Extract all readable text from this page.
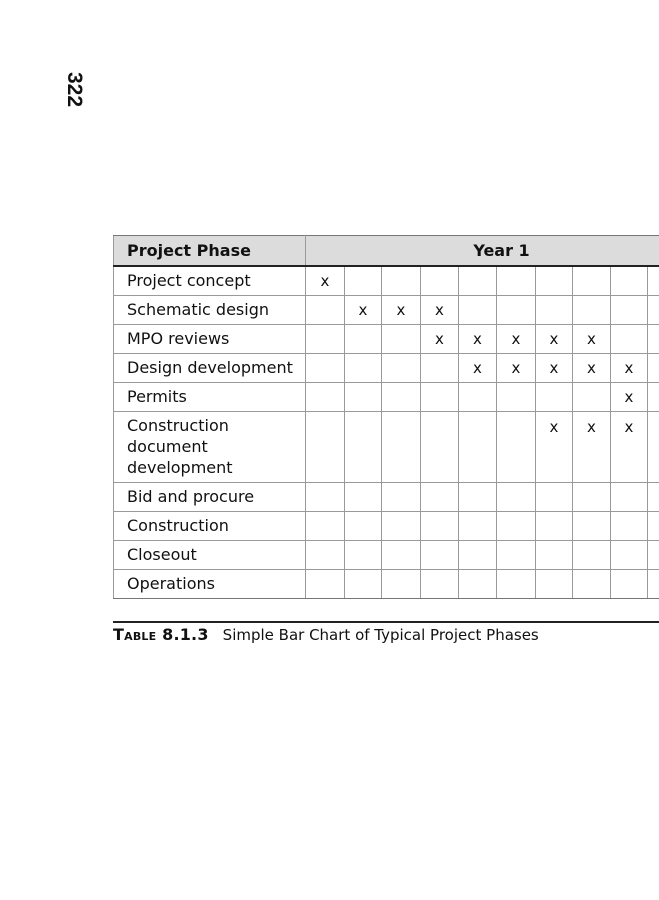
322
Project Phase	Year 1									
Project concept	x									
Schematic design		x	x	x						
MPO reviews				x	x	x	x	x		
Design development					x	x	x	x	x	
Permits									x	
Construction document development							x	x	x	
Bid and procure										
Construction										
Closeout										
Operations										
Table 8.1.3 Simple Bar Chart of Typical Project Phases
